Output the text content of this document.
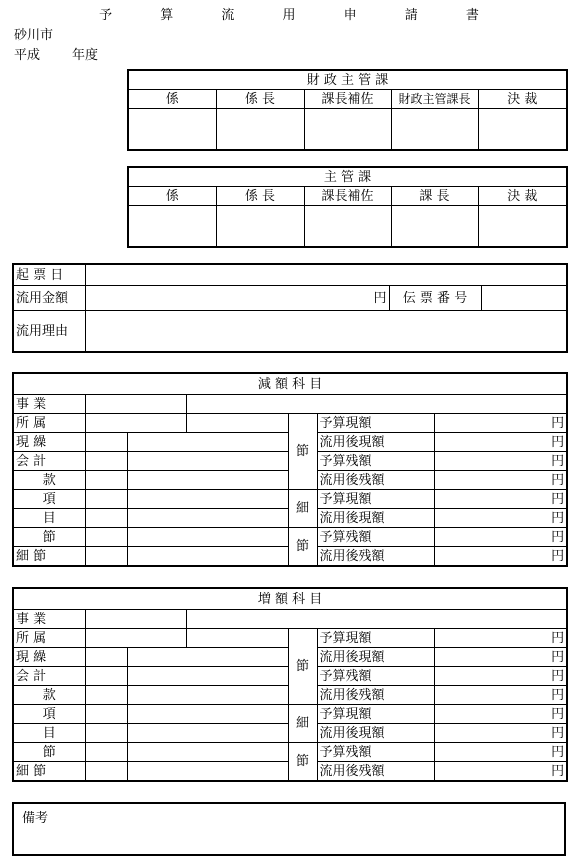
予 算 流 用 申 請 書
砂川市
平成 年度
財 政 主 管 課				
係	係 長	課長補佐	財政主管課長	決 裁

主 管 課				
係	係 長	課長補佐	課 長	決 裁

起 票 日			
流用金額	円	伝 票 番 号	
流用理由			
減 額 科 目						
事 業						
所 属				節	予算現額	円
現 繰					流用後現額	円
会 計					予算残額	円
款					流用後残額	円
項				細	予算現額	円
目					流用後現額	円
節				節	予算残額	円
細 節					流用後残額	円
増 額 科 目						
事 業						
所 属				節	予算現額	円
現 繰					流用後現額	円
会 計					予算残額	円
款					流用後残額	円
項				細	予算現額	円
目					流用後現額	円
節				節	予算残額	円
細 節					流用後残額	円
備考
